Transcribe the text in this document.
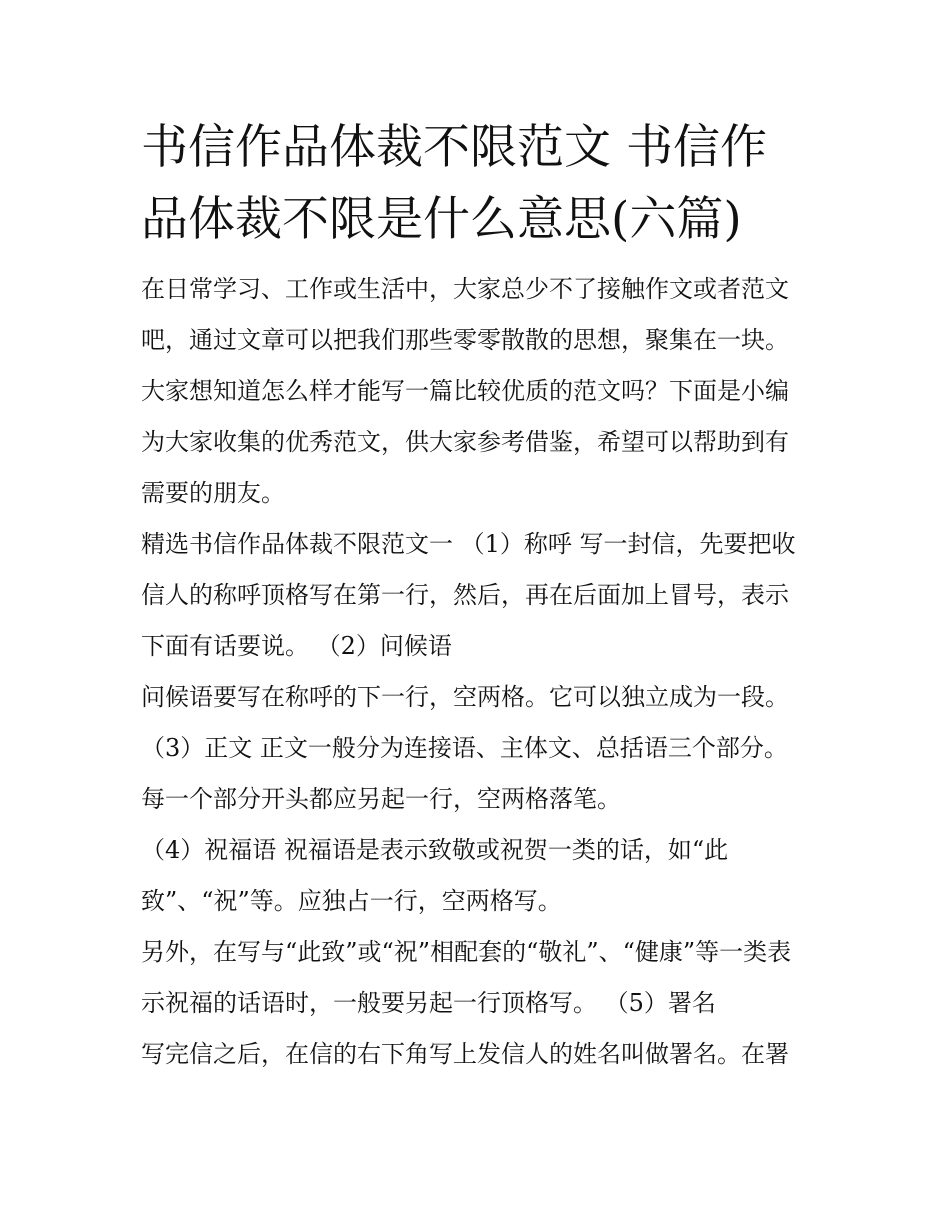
书信作品体裁不限范文 书信作
品体裁不限是什么意思(六篇)
在日常学习、工作或生活中，大家总少不了接触作文或者范文
吧，通过文章可以把我们那些零零散散的思想，聚集在一块。
大家想知道怎么样才能写一篇比较优质的范文吗？下面是小编
为大家收集的优秀范文，供大家参考借鉴，希望可以帮助到有
需要的朋友。
精选书信作品体裁不限范文一 （1）称呼 写一封信，先要把收
信人的称呼顶格写在第一行，然后，再在后面加上冒号，表示
下面有话要说。 （2）问候语
问候语要写在称呼的下一行，空两格。它可以独立成为一段。
（3）正文 正文一般分为连接语、主体文、总括语三个部分。
每一个部分开头都应另起一行，空两格落笔。
（4）祝福语 祝福语是表示致敬或祝贺一类的话，如“此
致”、“祝”等。应独占一行，空两格写。
另外，在写与“此致”或“祝”相配套的“敬礼”、“健康”等一类表
示祝福的话语时，一般要另起一行顶格写。 （5）署名
写完信之后，在信的右下角写上发信人的姓名叫做署名。在署
